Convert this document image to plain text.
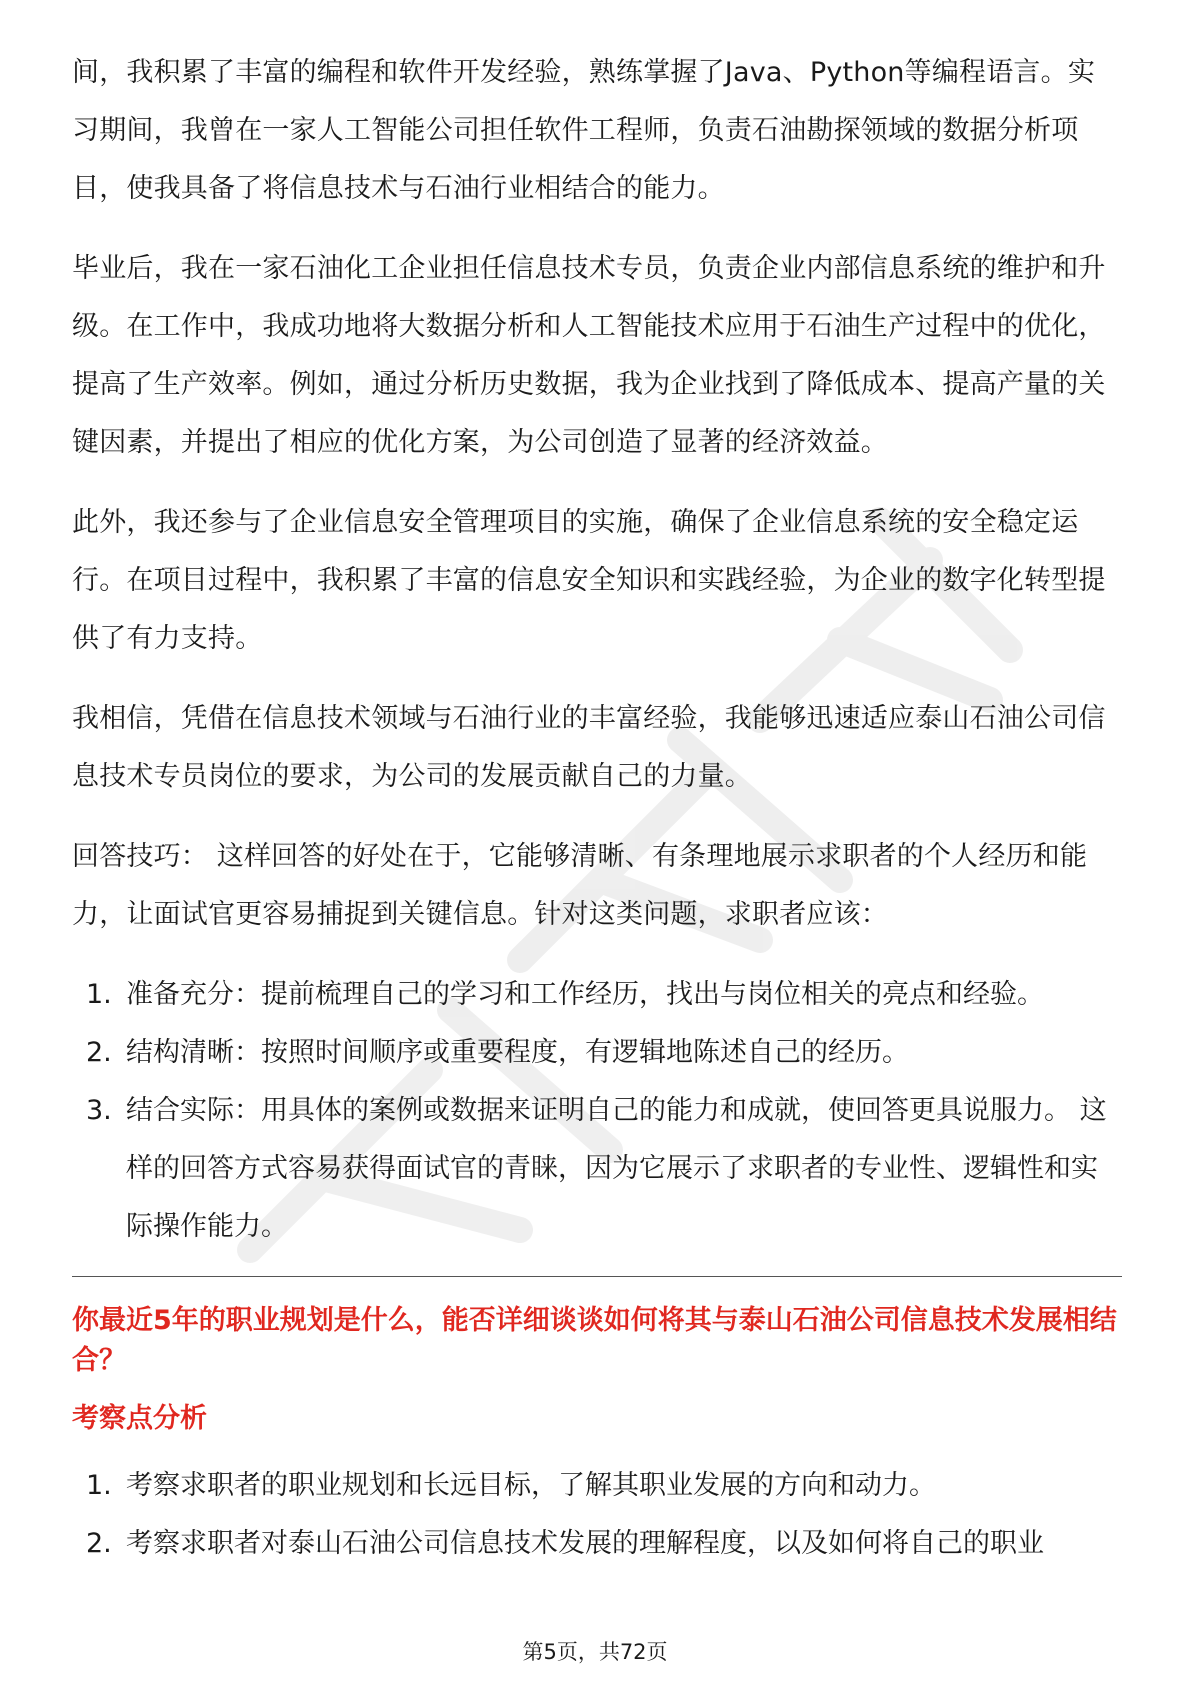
间，我积累了丰富的编程和软件开发经验，熟练掌握了Java、Python等编程语言。实习期间，我曾在一家人工智能公司担任软件工程师，负责石油勘探领域的数据分析项目，使我具备了将信息技术与石油行业相结合的能力。

毕业后，我在一家石油化工企业担任信息技术专员，负责企业内部信息系统的维护和升级。在工作中，我成功地将大数据分析和人工智能技术应用于石油生产过程中的优化，提高了生产效率。例如，通过分析历史数据，我为企业找到了降低成本、提高产量的关键因素，并提出了相应的优化方案，为公司创造了显著的经济效益。

此外，我还参与了企业信息安全管理项目的实施，确保了企业信息系统的安全稳定运行。在项目过程中，我积累了丰富的信息安全知识和实践经验，为企业的数字化转型提供了有力支持。

我相信，凭借在信息技术领域与石油行业的丰富经验，我能够迅速适应泰山石油公司信息技术专员岗位的要求，为公司的发展贡献自己的力量。

回答技巧： 这样回答的好处在于，它能够清晰、有条理地展示求职者的个人经历和能力，让面试官更容易捕捉到关键信息。针对这类问题，求职者应该：

1. 准备充分：提前梳理自己的学习和工作经历，找出与岗位相关的亮点和经验。
2. 结构清晰：按照时间顺序或重要程度，有逻辑地陈述自己的经历。
3. 结合实际：用具体的案例或数据来证明自己的能力和成就，使回答更具说服力。 这样的回答方式容易获得面试官的青睐，因为它展示了求职者的专业性、逻辑性和实际操作能力。

你最近5年的职业规划是什么，能否详细谈谈如何将其与泰山石油公司信息技术发展相结合？

考察点分析

1. 考察求职者的职业规划和长远目标，了解其职业发展的方向和动力。
2. 考察求职者对泰山石油公司信息技术发展的理解程度，以及如何将自己的职业
第5页，共72页
